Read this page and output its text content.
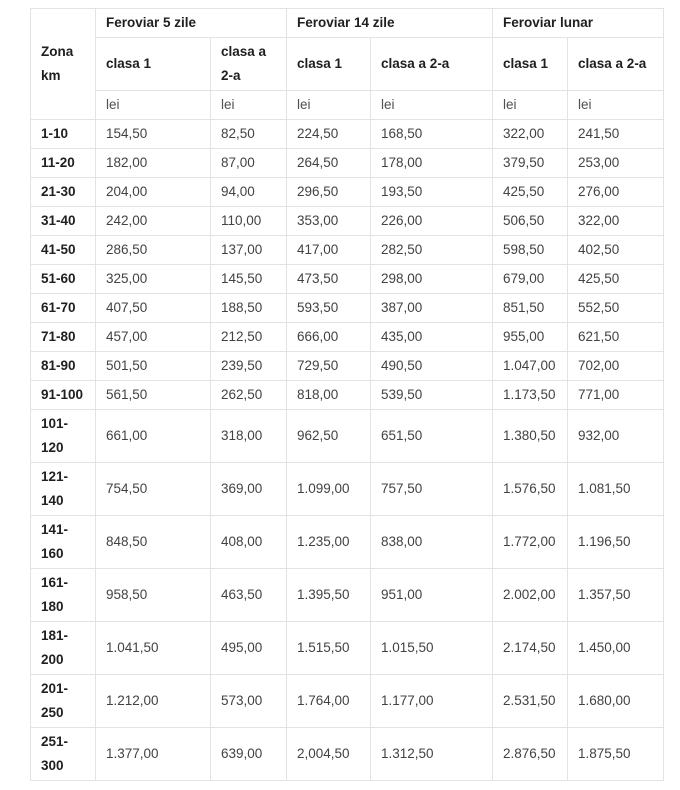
Zona km	Feroviar 5 zile		Feroviar 14 zile		Feroviar lunar	
	clasa 1	clasa a 2-a	clasa 1	clasa a 2-a	clasa 1	clasa a 2-a
	lei	lei	lei	lei	lei	lei
1-10	154,50	82,50	224,50	168,50	322,00	241,50
11-20	182,00	87,00	264,50	178,00	379,50	253,00
21-30	204,00	94,00	296,50	193,50	425,50	276,00
31-40	242,00	110,00	353,00	226,00	506,50	322,00
41-50	286,50	137,00	417,00	282,50	598,50	402,50
51-60	325,00	145,50	473,50	298,00	679,00	425,50
61-70	407,50	188,50	593,50	387,00	851,50	552,50
71-80	457,00	212,50	666,00	435,00	955,00	621,50
81-90	501,50	239,50	729,50	490,50	1.047,00	702,00
91-100	561,50	262,50	818,00	539,50	1.173,50	771,00
101-120	661,00	318,00	962,50	651,50	1.380,50	932,00
121-140	754,50	369,00	1.099,00	757,50	1.576,50	1.081,50
141-160	848,50	408,00	1.235,00	838,00	1.772,00	1.196,50
161-180	958,50	463,50	1.395,50	951,00	2.002,00	1.357,50
181-200	1.041,50	495,00	1.515,50	1.015,50	2.174,50	1.450,00
201-250	1.212,00	573,00	1.764,00	1.177,00	2.531,50	1.680,00
251-300	1.377,00	639,00	2,004,50	1.312,50	2.876,50	1.875,50
